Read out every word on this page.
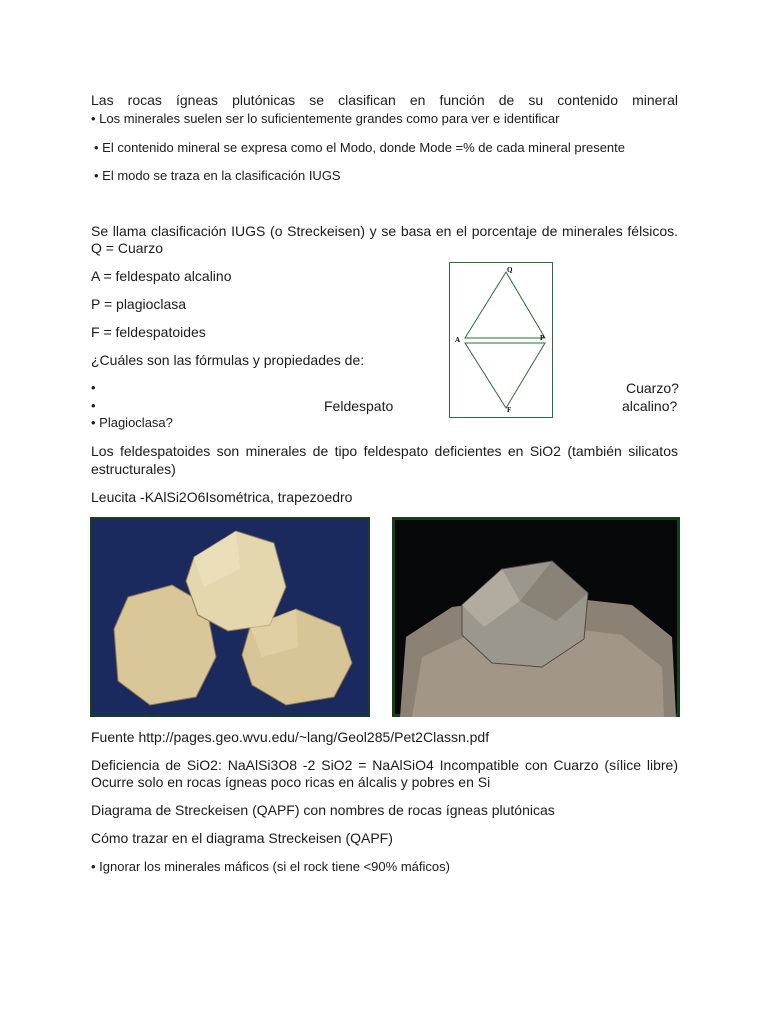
Las rocas ígneas plutónicas se clasifican en función de su contenido mineral
• Los minerales suelen ser lo suficientemente grandes como para ver e identificar
• El contenido mineral se expresa como el Modo, donde Mode =% de cada mineral presente
• El modo se traza en la clasificación IUGS
Se llama clasificación IUGS (o Streckeisen) y se basa en el porcentaje de minerales félsicos.
Q = Cuarzo
A = feldespato alcalino
P = plagioclasa
F = feldespatoides
¿Cuáles son las fórmulas y propiedades de:
•	Cuarzo?
•	Feldespato	alcalino?
• Plagioclasa?
Q
A	P
F
Los feldespatoides son minerales de tipo feldespato deficientes en SiO2 (también silicatos estructurales)
Leucita -KAlSi2O6Isométrica, trapezoedro
Fuente http://pages.geo.wvu.edu/~lang/Geol285/Pet2Classn.pdf
Deficiencia de SiO2: NaAlSi3O8 -2 SiO2 = NaAlSiO4 Incompatible con Cuarzo (sílice libre)
Ocurre solo en rocas ígneas poco ricas en álcalis y pobres en Si
Diagrama de Streckeisen (QAPF) con nombres de rocas ígneas plutónicas
Cómo trazar en el diagrama Streckeisen (QAPF)
• Ignorar los minerales máficos (si el rock tiene <90% máficos)
